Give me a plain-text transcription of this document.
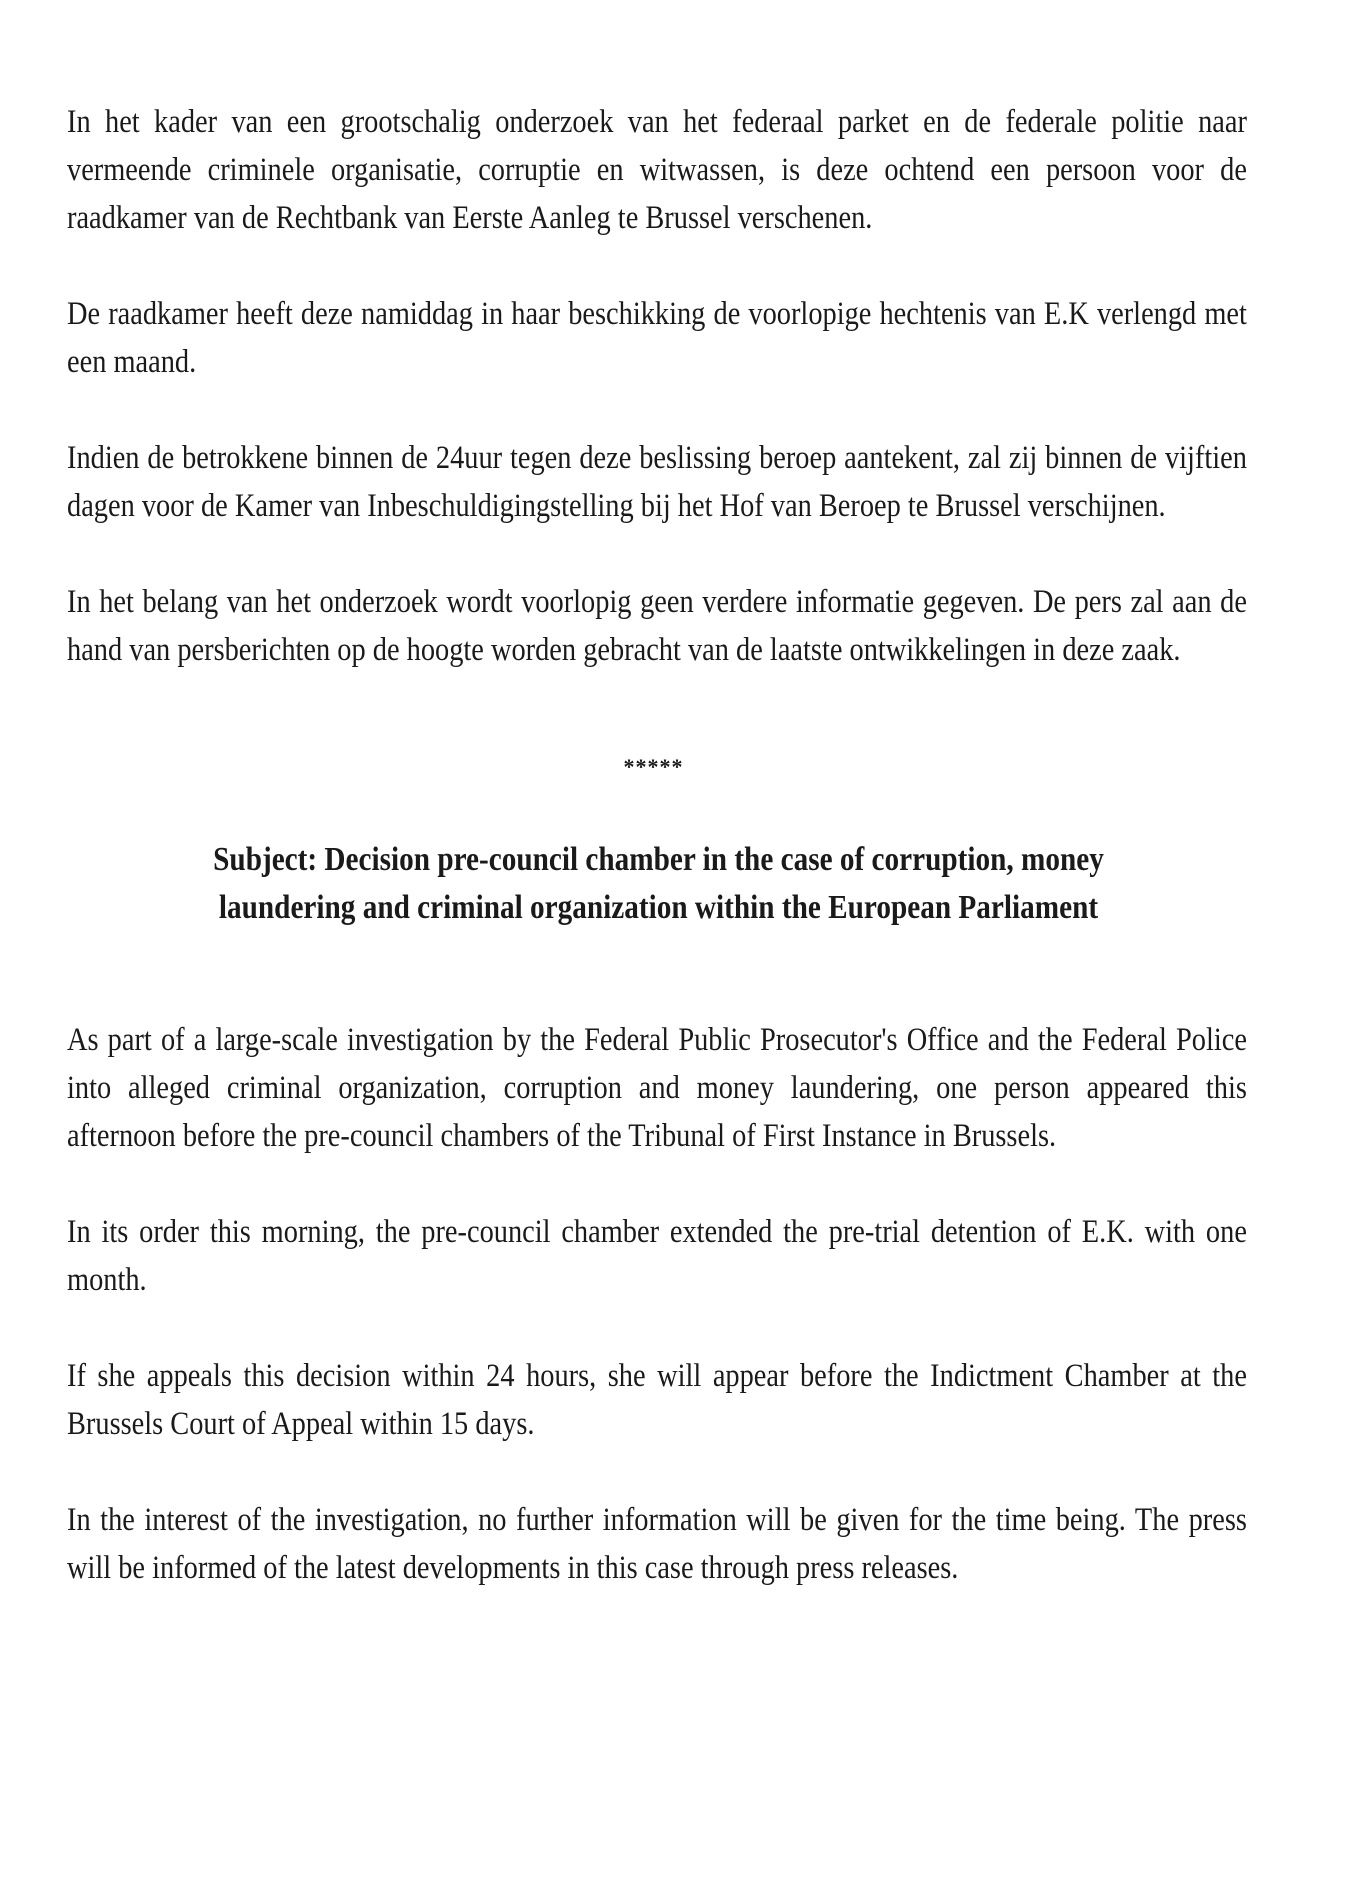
In het kader van een grootschalig onderzoek van het federaal parket en de federale politie naar vermeende criminele organisatie, corruptie en witwassen, is deze ochtend een persoon voor de raadkamer van de Rechtbank van Eerste Aanleg te Brussel verschenen.

De raadkamer heeft deze namiddag in haar beschikking de voorlopige hechtenis van E.K verlengd met een maand.

Indien de betrokkene binnen de 24uur tegen deze beslissing beroep aantekent, zal zij binnen de vijftien dagen voor de Kamer van Inbeschuldigingstelling bij het Hof van Beroep te Brussel verschijnen.

In het belang van het onderzoek wordt voorlopig geen verdere informatie gegeven. De pers zal aan de hand van persberichten op de hoogte worden gebracht van de laatste ontwikkelingen in deze zaak.

*****
Subject: Decision pre-council chamber in the case of corruption, money laundering and criminal organization within the European Parliament

As part of a large-scale investigation by the Federal Public Prosecutor's Office and the Federal Police into alleged criminal organization, corruption and money laundering, one person appeared this afternoon before the pre-council chambers of the Tribunal of First Instance in Brussels.

In its order this morning, the pre-council chamber extended the pre-trial detention of E.K. with one month.

If she appeals this decision within 24 hours, she will appear before the Indictment Chamber at the Brussels Court of Appeal within 15 days.

In the interest of the investigation, no further information will be given for the time being. The press will be informed of the latest developments in this case through press releases.
